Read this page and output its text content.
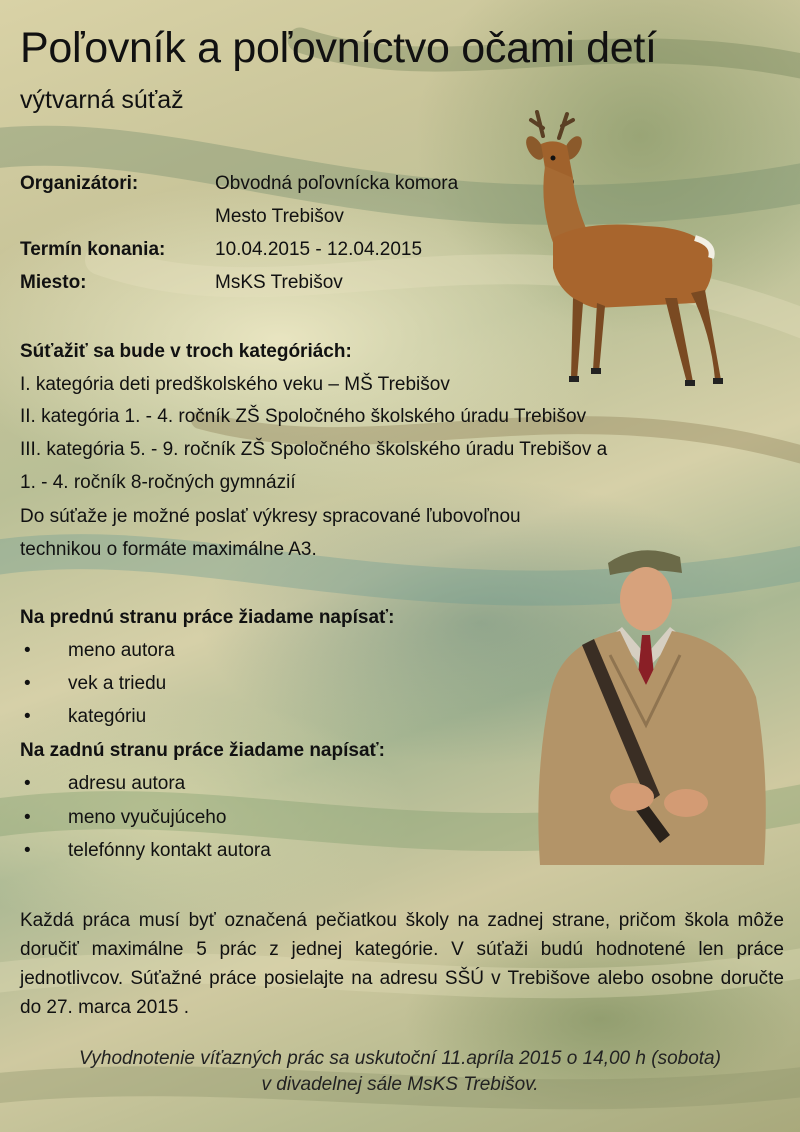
Poľovník a poľovníctvo očami detí
výtvarná súťaž
Organizátori:	Obvodná poľovnícka komora
Mesto Trebišov
Termín konania:	10.04.2015 - 12.04.2015
Miesto:	MsKS Trebišov
Súťažiť sa bude v troch kategóriách:
I. kategória deti predškolského veku – MŠ Trebišov
II. kategória 1. - 4. ročník ZŠ Spoločného školského úradu Trebišov
III. kategória 5. - 9. ročník ZŠ Spoločného školského úradu Trebišov a
1. - 4. ročník 8-ročných gymnázií
Do súťaže je možné poslať výkresy spracované ľubovoľnou
technikou o formáte maximálne A3.
Na prednú stranu práce žiadame napísať:
• meno autora
• vek a triedu
• kategóriu
Na zadnú stranu práce žiadame napísať:
• adresu autora
• meno vyučujúceho
• telefónny kontakt autora
Každá práca musí byť označená pečiatkou školy na zadnej strane, pričom škola môže doručiť maximálne 5 prác z jednej kategórie. V súťaži budú hodnotené len práce jednotlivcov. Súťažné práce posielajte na adresu SŠÚ v Trebišove alebo osobne doručte do 27. marca 2015 .
Vyhodnotenie víťazných prác sa uskutoční 11.apríla 2015 o 14,00 h (sobota)
v divadelnej sále MsKS Trebišov.
